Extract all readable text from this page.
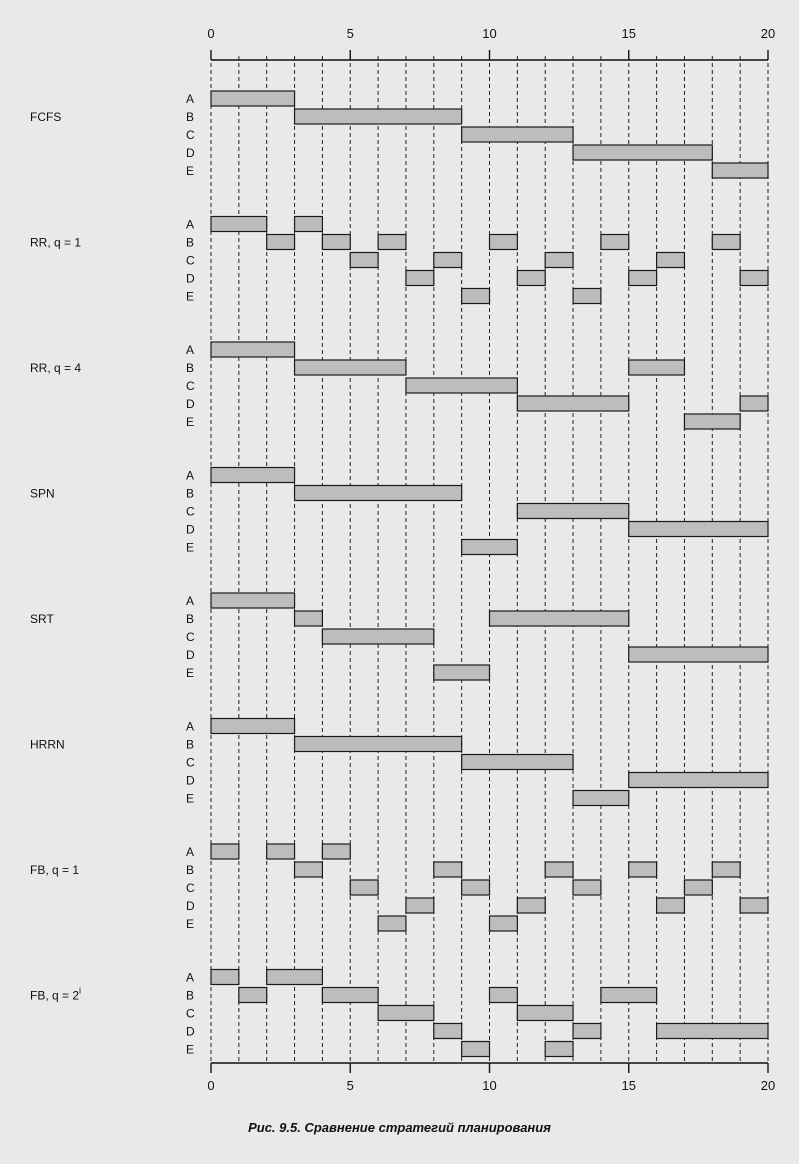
0	5	10	15	20
0	5	10	15	20
FCFS
A
B
C
D
E
RR, q = 1
A
B
C
D
E
RR, q = 4
A
B
C
D
E
SPN
A
B
C
D
E
SRT
A
B
C
D
E
HRRN
A
B
C
D
E
FB, q = 1
A
B
C
D
E
FB, $q = 2^i$
A
B
C
D
E
Рис. 9.5. Сравнение стратегий планирования
